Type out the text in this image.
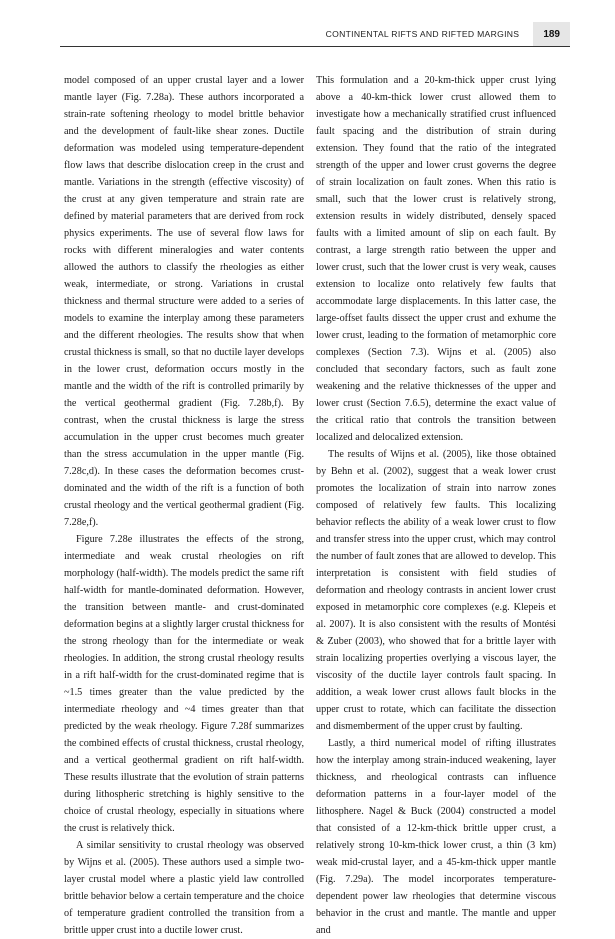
CONTINENTAL RIFTS AND RIFTED MARGINS	189

model composed of an upper crustal layer and a lower mantle layer (Fig. 7.28a). These authors incorporated a strain-rate softening rheology to model brittle behavior and the development of fault-like shear zones. Ductile deformation was modeled using temperature-dependent flow laws that describe dislocation creep in the crust and mantle. Variations in the strength (effective viscosity) of the crust at any given temperature and strain rate are defined by material parameters that are derived from rock physics experiments. The use of several flow laws for rocks with different mineralogies and water contents allowed the authors to classify the rheologies as either weak, intermediate, or strong. Variations in crustal thickness and thermal structure were added to a series of models to examine the interplay among these parameters and the different rheologies. The results show that when crustal thickness is small, so that no ductile layer develops in the lower crust, deformation occurs mostly in the mantle and the width of the rift is controlled primarily by the vertical geothermal gradient (Fig. 7.28b,f). By contrast, when the crustal thickness is large the stress accumulation in the upper crust becomes much greater than the stress accumulation in the upper mantle (Fig. 7.28c,d). In these cases the deformation becomes crust-dominated and the width of the rift is a function of both crustal rheology and the vertical geothermal gradient (Fig. 7.28e,f).

Figure 7.28e illustrates the effects of the strong, intermediate and weak crustal rheologies on rift morphology (half-width). The models predict the same rift half-width for mantle-dominated deformation. However, the transition between mantle- and crust-dominated deformation begins at a slightly larger crustal thickness for the strong rheology than for the intermediate or weak rheologies. In addition, the strong crustal rheology results in a rift half-width for the crust-dominated regime that is ~1.5 times greater than the value predicted by the intermediate rheology and ~4 times greater than that predicted by the weak rheology. Figure 7.28f summarizes the combined effects of crustal thickness, crustal rheology, and a vertical geothermal gradient on rift half-width. These results illustrate that the evolution of strain patterns during lithospheric stretching is highly sensitive to the choice of crustal rheology, especially in situations where the crust is relatively thick.

A similar sensitivity to crustal rheology was observed by Wijns et al. (2005). These authors used a simple two-layer crustal model where a plastic yield law controlled brittle behavior below a certain temperature and the choice of temperature gradient controlled the transition from a brittle upper crust into a ductile lower crust.

This formulation and a 20-km-thick upper crust lying above a 40-km-thick lower crust allowed them to investigate how a mechanically stratified crust influenced fault spacing and the distribution of strain during extension. They found that the ratio of the integrated strength of the upper and lower crust governs the degree of strain localization on fault zones. When this ratio is small, such that the lower crust is relatively strong, extension results in widely distributed, densely spaced faults with a limited amount of slip on each fault. By contrast, a large strength ratio between the upper and lower crust, such that the lower crust is very weak, causes extension to localize onto relatively few faults that accommodate large displacements. In this latter case, the large-offset faults dissect the upper crust and exhume the lower crust, leading to the formation of metamorphic core complexes (Section 7.3). Wijns et al. (2005) also concluded that secondary factors, such as fault zone weakening and the relative thicknesses of the upper and lower crust (Section 7.6.5), determine the exact value of the critical ratio that controls the transition between localized and delocalized extension.

The results of Wijns et al. (2005), like those obtained by Behn et al. (2002), suggest that a weak lower crust promotes the localization of strain into narrow zones composed of relatively few faults. This localizing behavior reflects the ability of a weak lower crust to flow and transfer stress into the upper crust, which may control the number of fault zones that are allowed to develop. This interpretation is consistent with field studies of deformation and rheology contrasts in ancient lower crust exposed in metamorphic core complexes (e.g. Klepeis et al. 2007). It is also consistent with the results of Montési & Zuber (2003), who showed that for a brittle layer with strain localizing properties overlying a viscous layer, the viscosity of the ductile layer controls fault spacing. In addition, a weak lower crust allows fault blocks in the upper crust to rotate, which can facilitate the dissection and dismemberment of the upper crust by faulting.

Lastly, a third numerical model of rifting illustrates how the interplay among strain-induced weakening, layer thickness, and rheological contrasts can influence deformation patterns in a four-layer model of the lithosphere. Nagel & Buck (2004) constructed a model that consisted of a 12-km-thick brittle upper crust, a relatively strong 10-km-thick lower crust, a thin (3 km) weak mid-crustal layer, and a 45-km-thick upper mantle (Fig. 7.29a). The model incorporates temperature-dependent power law rheologies that determine viscous behavior in the crust and mantle. The mantle and upper and
